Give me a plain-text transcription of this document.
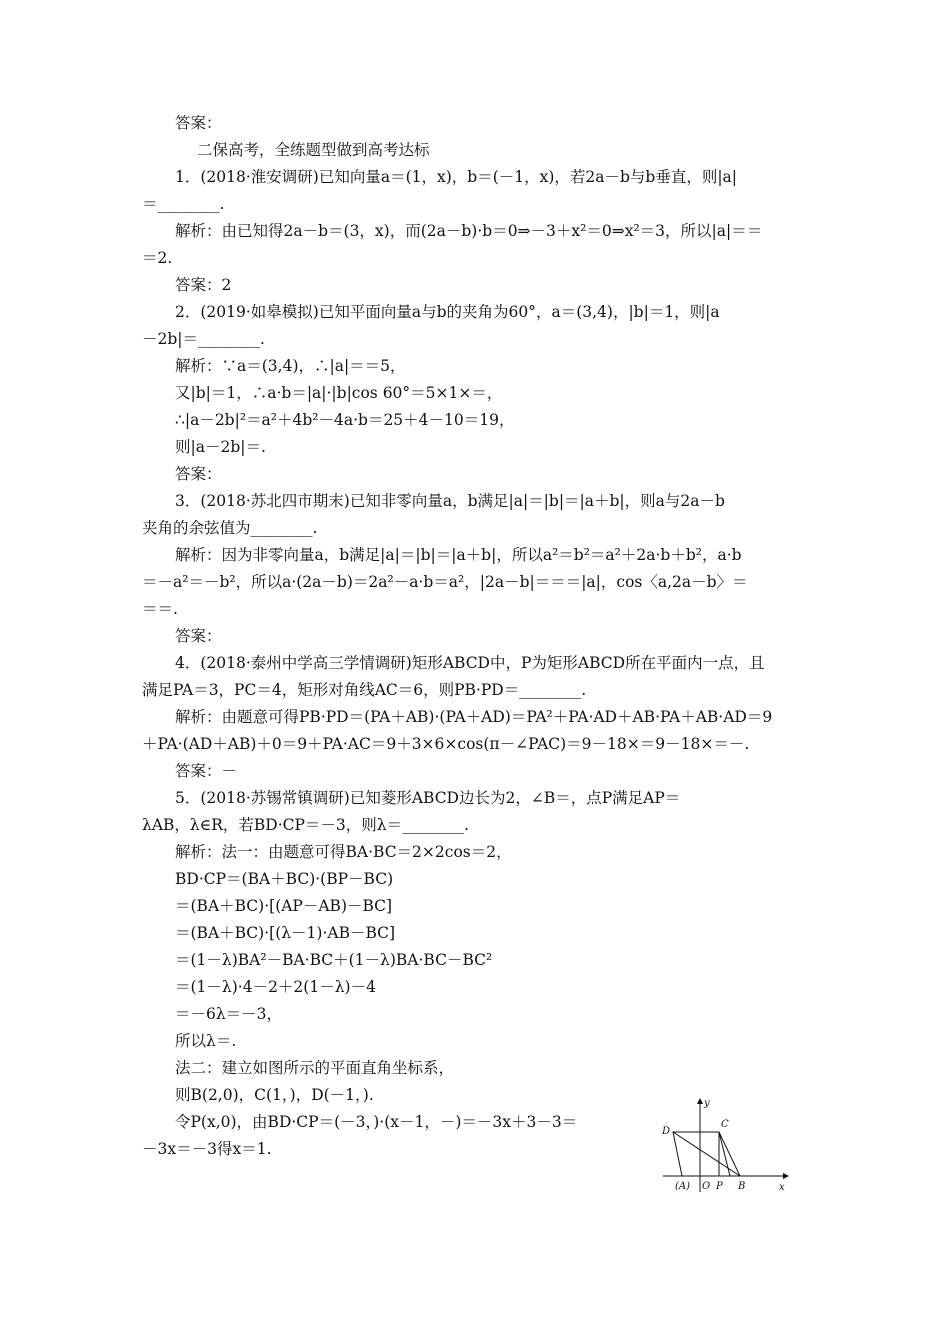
答案：
二保高考，全练题型做到高考达标
1．(2018·淮安调研)已知向量a＝(1，x)，b＝(－1，x)，若2a－b与b垂直，则|a|
＝________.
解析：由已知得2a－b＝(3，x)，而(2a－b)·b＝0⇒－3＋x²＝0⇒x²＝3，所以|a|＝＝
＝2.
答案：2
2．(2019·如皋模拟)已知平面向量a与b的夹角为60°，a＝(3,4)，|b|＝1，则|a
－2b|＝________.
解析：∵a＝(3,4)，∴|a|＝＝5，
又|b|＝1，∴a·b＝|a|·|b|cos 60°＝5×1×＝，
∴|a－2b|²＝a²＋4b²－4a·b＝25＋4－10＝19，
则|a－2b|＝.
答案：
3．(2018·苏北四市期末)已知非零向量a，b满足|a|＝|b|＝|a＋b|，则a与2a－b
夹角的余弦值为________.
解析：因为非零向量a，b满足|a|＝|b|＝|a＋b|，所以a²＝b²＝a²＋2a·b＋b²，a·b
＝－a²＝－b²，所以a·(2a－b)＝2a²－a·b＝a²，|2a－b|＝＝＝|a|，cos〈a,2a－b〉＝
＝＝.
答案：
4．(2018·泰州中学高三学情调研)矩形ABCD中，P为矩形ABCD所在平面内一点，且
满足PA＝3，PC＝4，矩形对角线AC＝6，则PB·PD＝________.
解析：由题意可得PB·PD＝(PA＋AB)·(PA＋AD)＝PA²＋PA·AD＋AB·PA＋AB·AD＝9
＋PA·(AD＋AB)＋0＝9＋PA·AC＝9＋3×6×cos(π－∠PAC)＝9－18×＝9－18×＝－.
答案：－
5．(2018·苏锡常镇调研)已知菱形ABCD边长为2，∠B＝，点P满足AP＝
λAB，λ∈R，若BD·CP＝－3，则λ＝________.
解析：法一：由题意可得BA·BC＝2×2cos＝2，
BD·CP＝(BA＋BC)·(BP－BC)
＝(BA＋BC)·[(AP－AB)－BC]
＝(BA＋BC)·[(λ－1)·AB－BC]
＝(1－λ)BA²－BA·BC＋(1－λ)BA·BC－BC²
＝(1－λ)·4－2＋2(1－λ)－4
＝－6λ＝－3，
所以λ＝.
法二：建立如图所示的平面直角坐标系，
则B(2,0)，C(1，)，D(－1，).
令P(x,0)，由BD·CP＝(－3，)·(x－1，－)＝－3x＋3－3＝
－3x＝－3得x＝1.
y
x
D
C
(A) O P B
